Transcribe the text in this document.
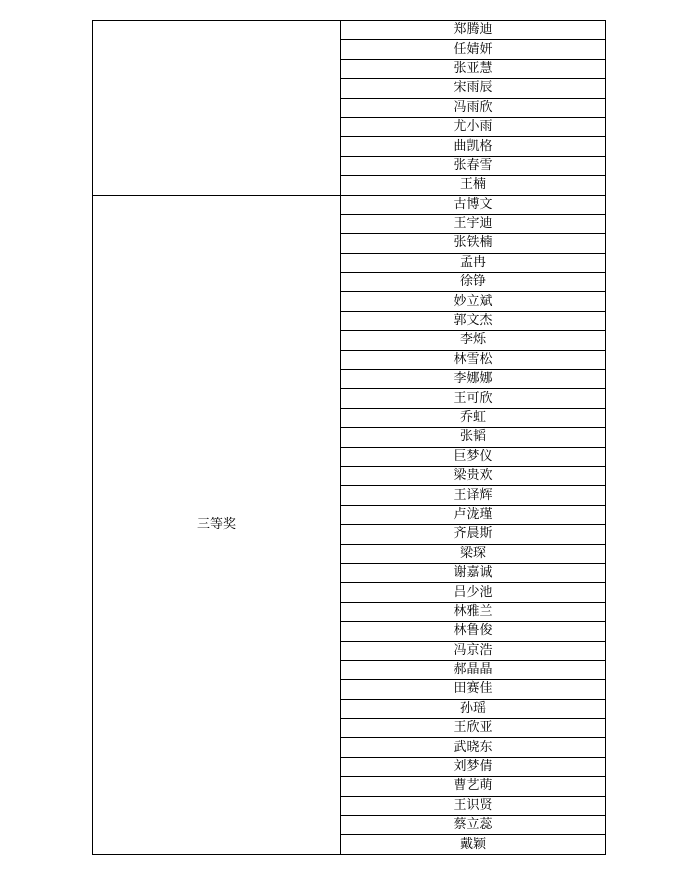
	郑腾迪
	任婧妍
	张亚慧
	宋雨辰
	冯雨欣
	尤小雨
	曲凯格
	张春雪
	王楠
三等奖	古博文
	王宇迪
	张铁楠
	孟冉
	徐铮
	妙立斌
	郭文杰
	李烁
	林雪松
	李娜娜
	王可欣
	乔虹
	张韬
	巨梦仪
	梁贵欢
	王译辉
	卢泷瑾
	齐晨斯
	梁琛
	谢嘉诚
	吕少池
	林雅兰
	林鲁俊
	冯京浩
	郝晶晶
	田赛佳
	孙瑶
	王欣亚
	武晓东
	刘梦倩
	曹艺萌
	王识贤
	蔡立蕊
	戴颖
